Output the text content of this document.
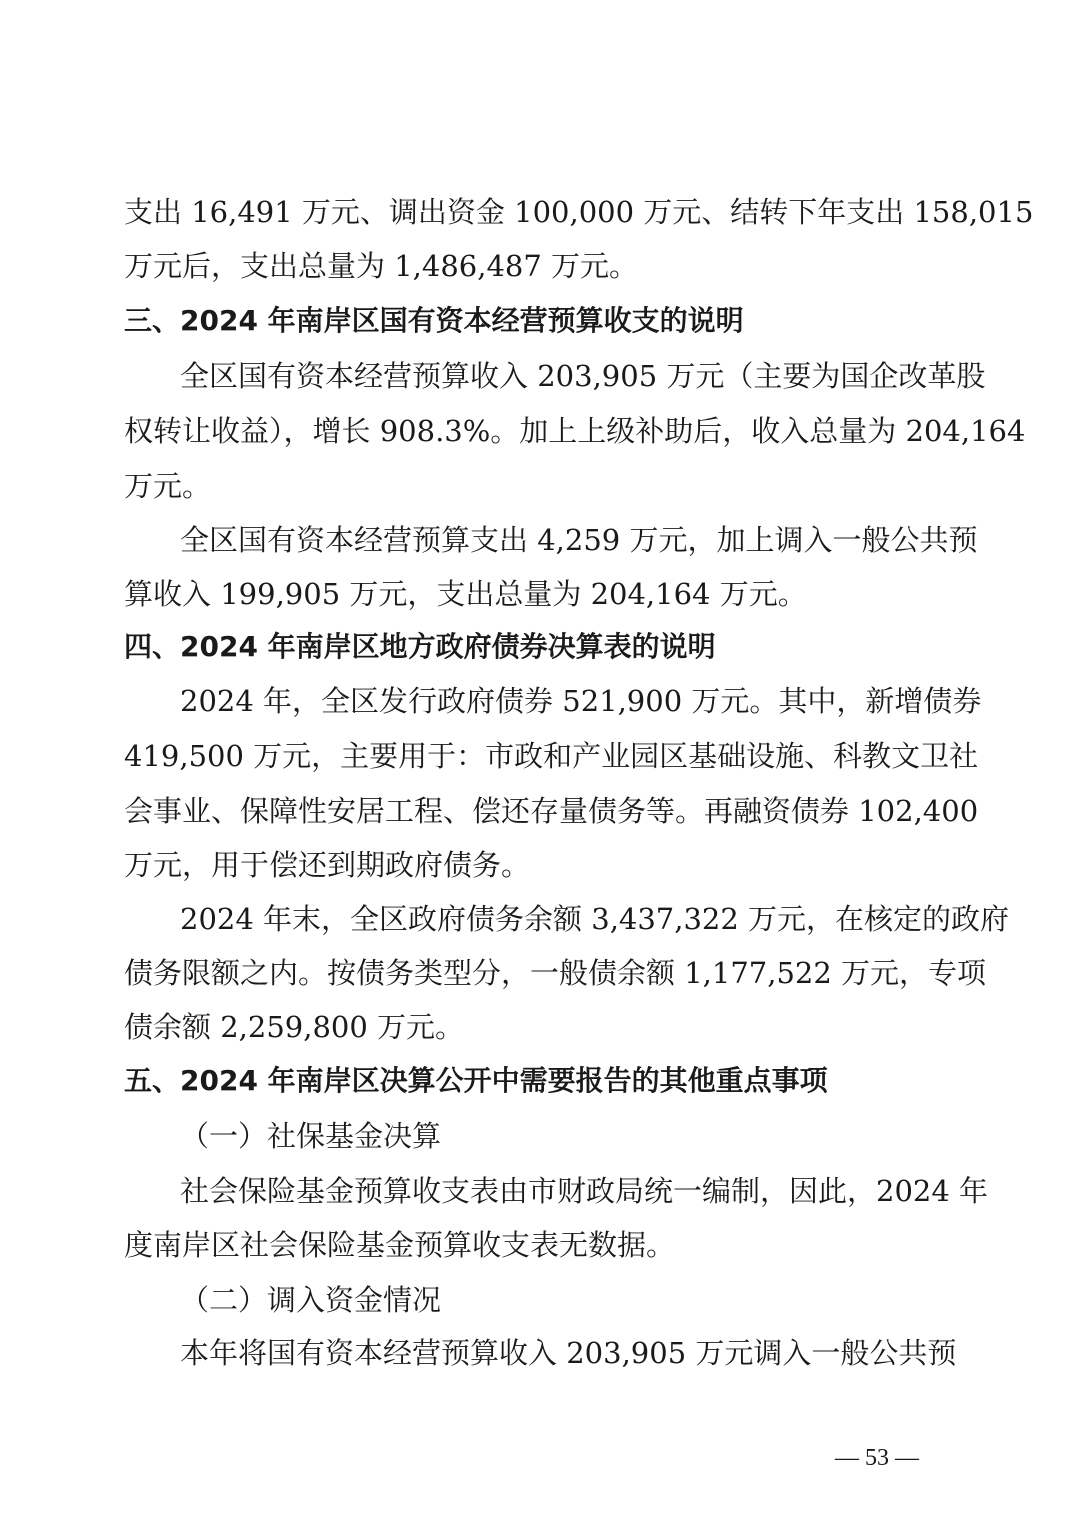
支出 16,491 万元、调出资金 100,000 万元、结转下年支出 158,015
万元后，支出总量为 1,486,487 万元。
三、2024 年南岸区国有资本经营预算收支的说明
全区国有资本经营预算收入 203,905 万元（主要为国企改革股
权转让收益），增长 908.3%。加上上级补助后，收入总量为 204,164
万元。
全区国有资本经营预算支出 4,259 万元，加上调入一般公共预
算收入 199,905 万元，支出总量为 204,164 万元。
四、2024 年南岸区地方政府债券决算表的说明
2024 年，全区发行政府债券 521,900 万元。其中，新增债券
419,500 万元，主要用于：市政和产业园区基础设施、科教文卫社
会事业、保障性安居工程、偿还存量债务等。再融资债券 102,400
万元，用于偿还到期政府债务。
2024 年末，全区政府债务余额 3,437,322 万元，在核定的政府
债务限额之内。按债务类型分，一般债余额 1,177,522 万元，专项
债余额 2,259,800 万元。
五、2024 年南岸区决算公开中需要报告的其他重点事项
（一）社保基金决算
社会保险基金预算收支表由市财政局统一编制，因此，2024 年
度南岸区社会保险基金预算收支表无数据。
（二）调入资金情况
本年将国有资本经营预算收入 203,905 万元调入一般公共预
— 53 —
